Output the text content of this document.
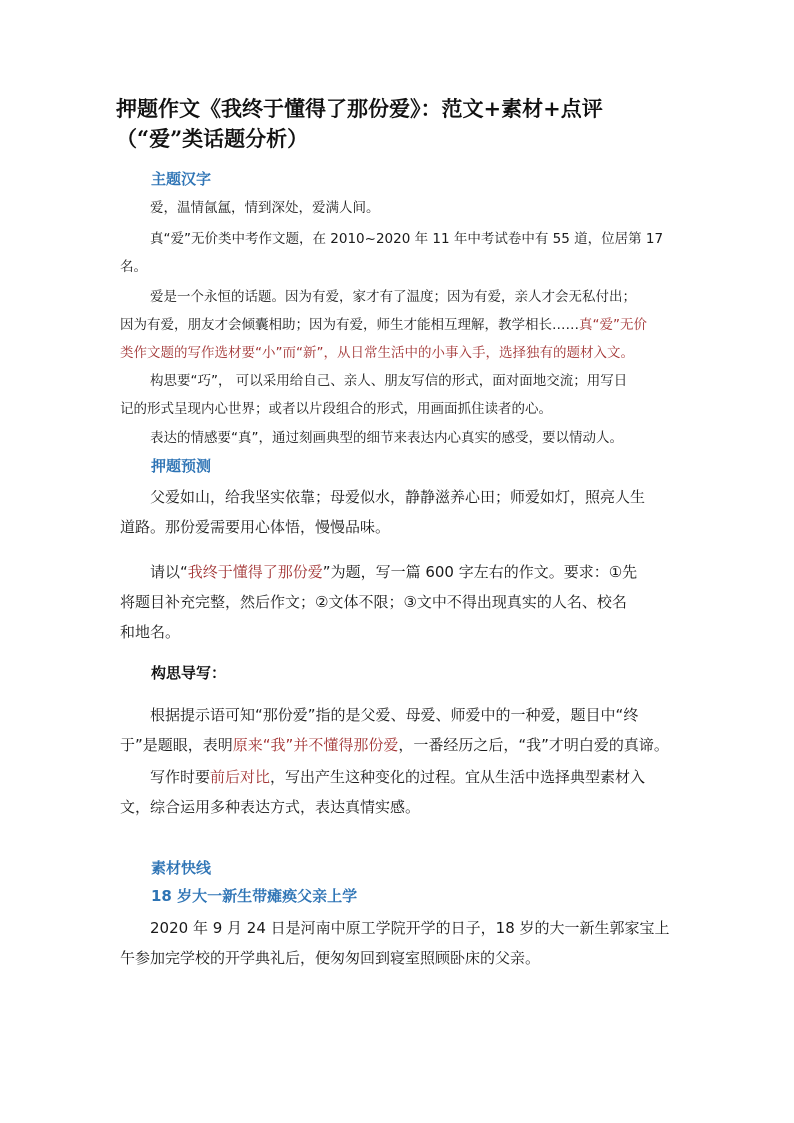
押题作文《我终于懂得了那份爱》：范文+素材+点评
（“爱”类话题分析）
主题汉字
爱，温情氤氲，情到深处，爱满人间。
真“爱”无价类中考作文题，在 2010~2020 年 11 年中考试卷中有 55 道，位居第 17
名。
爱是一个永恒的话题。因为有爱，家才有了温度；因为有爱，亲人才会无私付出；
因为有爱，朋友才会倾囊相助；因为有爱，师生才能相互理解，教学相长……真“爱”无价
类作文题的写作选材要“小”而“新”，从日常生活中的小事入手，选择独有的题材入文。
构思要“巧”， 可以采用给自己、亲人、朋友写信的形式，面对面地交流；用写日
记的形式呈现内心世界；或者以片段组合的形式，用画面抓住读者的心。
表达的情感要“真”，通过刻画典型的细节来表达内心真实的感受，要以情动人。
押题预测
父爱如山，给我坚实依靠；母爱似水，静静滋养心田；师爱如灯，照亮人生
道路。那份爱需要用心体悟，慢慢品味。
请以“我终于懂得了那份爱”为题，写一篇 600 字左右的作文。要求：①先
将题目补充完整，然后作文；②文体不限；③文中不得出现真实的人名、校名
和地名。
构思导写：
根据提示语可知“那份爱”指的是父爱、母爱、师爱中的一种爱，题目中“终
于”是题眼，表明原来“我”并不懂得那份爱，一番经历之后，“我”才明白爱的真谛。
写作时要前后对比，写出产生这种变化的过程。宜从生活中选择典型素材入
文，综合运用多种表达方式，表达真情实感。
素材快线
18 岁大一新生带瘫痪父亲上学
2020 年 9 月 24 日是河南中原工学院开学的日子，18 岁的大一新生郭家宝上
午参加完学校的开学典礼后，便匆匆回到寝室照顾卧床的父亲。
